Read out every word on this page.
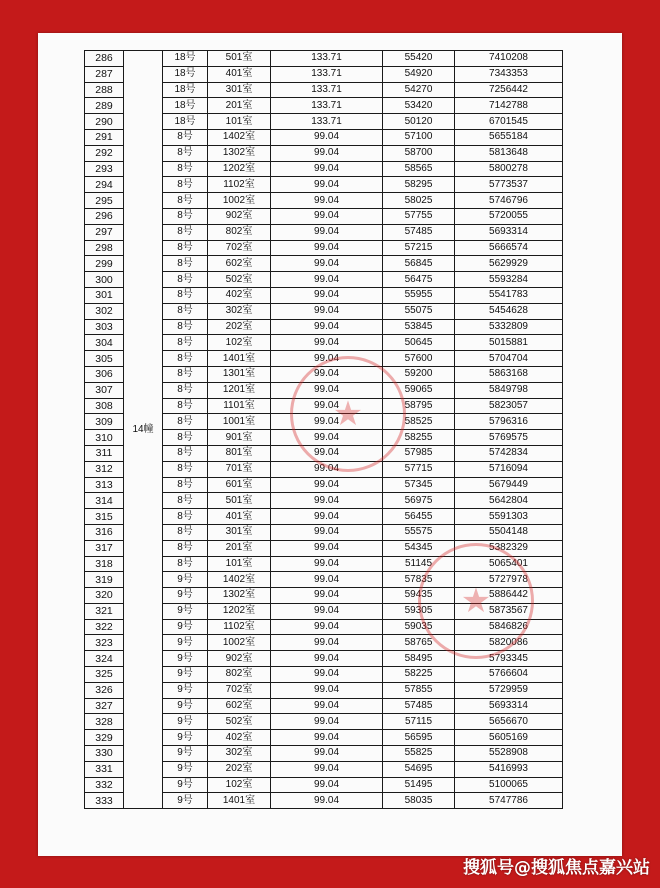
286	14幢	18号	501室	133.71	55420	7410208
287		18号	401室	133.71	54920	7343353
288		18号	301室	133.71	54270	7256442
289		18号	201室	133.71	53420	7142788
290		18号	101室	133.71	50120	6701545
291		8号	1402室	99.04	57100	5655184
292		8号	1302室	99.04	58700	5813648
293		8号	1202室	99.04	58565	5800278
294		8号	1102室	99.04	58295	5773537
295		8号	1002室	99.04	58025	5746796
296		8号	902室	99.04	57755	5720055
297		8号	802室	99.04	57485	5693314
298		8号	702室	99.04	57215	5666574
299		8号	602室	99.04	56845	5629929
300		8号	502室	99.04	56475	5593284
301		8号	402室	99.04	55955	5541783
302		8号	302室	99.04	55075	5454628
303		8号	202室	99.04	53845	5332809
304		8号	102室	99.04	50645	5015881
305		8号	1401室	99.04	57600	5704704
306		8号	1301室	99.04	59200	5863168
307		8号	1201室	99.04	59065	5849798
308		8号	1101室	99.04	58795	5823057
309		8号	1001室	99.04	58525	5796316
310		8号	901室	99.04	58255	5769575
311		8号	801室	99.04	57985	5742834
312		8号	701室	99.04	57715	5716094
313		8号	601室	99.04	57345	5679449
314		8号	501室	99.04	56975	5642804
315		8号	401室	99.04	56455	5591303
316		8号	301室	99.04	55575	5504148
317		8号	201室	99.04	54345	5382329
318		8号	101室	99.04	51145	5065401
319		9号	1402室	99.04	57835	5727978
320		9号	1302室	99.04	59435	5886442
321		9号	1202室	99.04	59305	5873567
322		9号	1102室	99.04	59035	5846826
323		9号	1002室	99.04	58765	5820086
324		9号	902室	99.04	58495	5793345
325		9号	802室	99.04	58225	5766604
326		9号	702室	99.04	57855	5729959
327		9号	602室	99.04	57485	5693314
328		9号	502室	99.04	57115	5656670
329		9号	402室	99.04	56595	5605169
330		9号	302室	99.04	55825	5528908
331		9号	202室	99.04	54695	5416993
332		9号	102室	99.04	51495	5100065
333		9号	1401室	99.04	58035	5747786
★
★
搜狐号@搜狐焦点嘉兴站
